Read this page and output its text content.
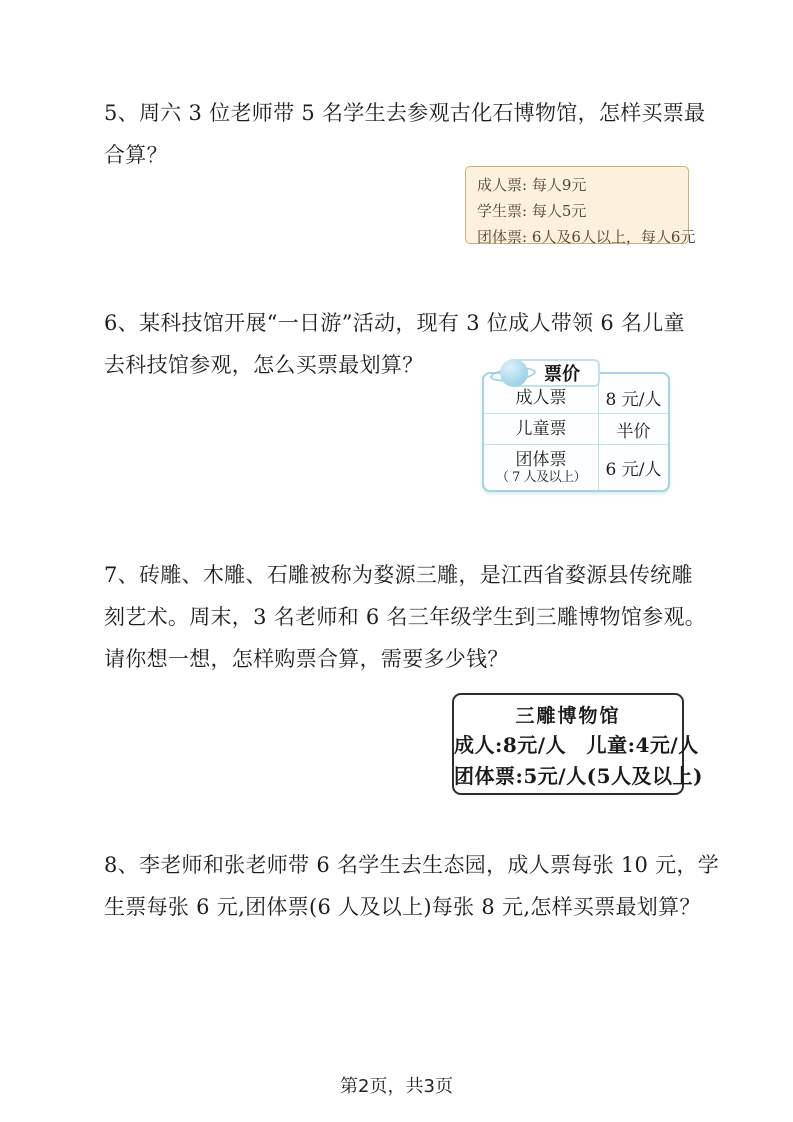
5、周六 3 位老师带 5 名学生去参观古化石博物馆，怎样买票最
合算？
成人票: 每人9元
学生票: 每人5元
团体票: 6人及6人以上，每人6元
6、某科技馆开展“一日游”活动，现有 3 位成人带领 6 名儿童
去科技馆参观，怎么买票最划算？	票价
成人票	8 元/人
儿童票	半价
团体票
（ 7 人及以上）	6 元/人
7、砖雕、木雕、石雕被称为婺源三雕，是江西省婺源县传统雕
刻艺术。周末，3 名老师和 6 名三年级学生到三雕博物馆参观。
请你想一想，怎样购票合算，需要多少钱？
三雕博物馆
成人:8元/人　儿童:4元/人
团体票:5元/人(5人及以上)
8、李老师和张老师带 6 名学生去生态园，成人票每张 10 元，学
生票每张 6 元,团体票(6 人及以上)每张 8 元,怎样买票最划算？
第2页，共3页
